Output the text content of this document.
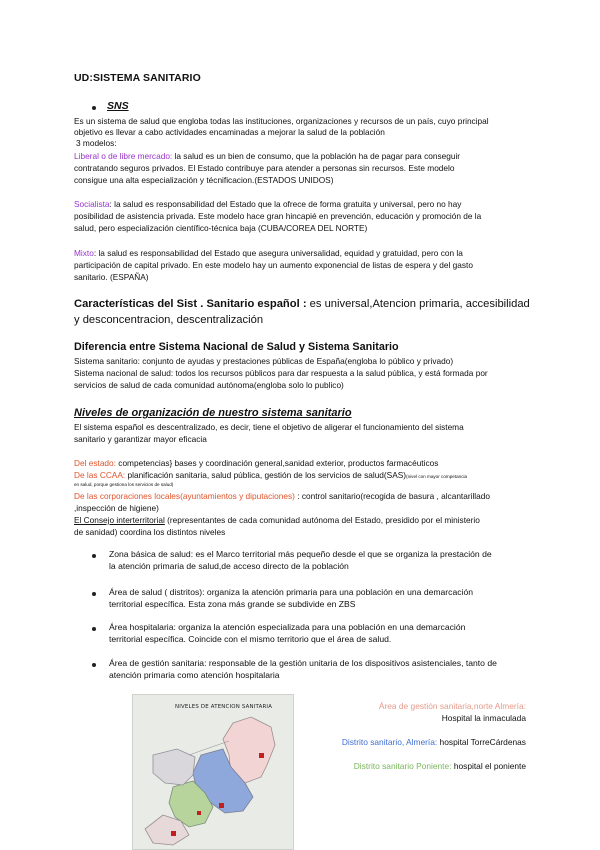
UD:SISTEMA SANITARIO
SNS
Es un sistema de salud que engloba todas las instituciones, organizaciones y recursos de un país, cuyo principal
objetivo es llevar a cabo actividades encaminadas a mejorar la salud de la población
3 modelos:
Liberal o de libre mercado: la salud es un bien de consumo, que la población ha de pagar para conseguir
contratando seguros privados. El Estado contribuye para atender a personas sin recursos. Este modelo
consigue una alta especialización y técnificacion.(ESTADOS UNIDOS)
Socialista: la salud es responsabilidad del Estado que la ofrece de forma gratuita y universal, pero no hay
posibilidad de asistencia privada. Este modelo hace gran hincapié en prevención, educación y promoción de la
salud, pero especialización científico-técnica baja (CUBA/COREA DEL NORTE)
Mixto: la salud es responsabilidad del Estado que asegura universalidad, equidad y gratuidad, pero con la
participación de capital privado. En este modelo hay un aumento exponencial de listas de espera y del gasto
sanitario. (ESPAÑA)
Características del Sist . Sanitario español : es universal,Atencion primaria, accesibilidad
y desconcentracion, descentralización
Diferencia entre Sistema Nacional de Salud y Sistema Sanitario
Sistema sanitario: conjunto de ayudas y prestaciones públicas de España(engloba lo público y privado)
Sistema nacional de salud: todos los recursos públicos para dar respuesta a la salud pública, y está formada por
servicios de salud de cada comunidad autónoma(engloba solo lo publico)
Niveles de organización de nuestro sistema sanitario
El sistema español es descentralizado, es decir, tiene el objetivo de aligerar el funcionamiento del sistema
sanitario y garantizar mayor eficacia
Del estado: competencias} bases y coordinación general,sanidad exterior, productos farmacéuticos
De las CCAA: planificación sanitaria, salud pública, gestión de los servicios de salud(SAS)(nivel con mayor competancia
en salud, porque gestiona los servicios de salud)
De las corporaciones locales(ayuntamientos y diputaciones) : control sanitario(recogida de basura , alcantarillado
,inspección de higiene)
El Consejo interterritorial (representantes de cada comunidad autónoma del Estado, presidido por el ministerio
de sanidad) coordina los distintos niveles
Zona básica de salud: es el Marco territorial más pequeño desde el que se organiza la prestación de
la atención primaria de salud,de acceso directo de la población
Área de salud ( distritos): organiza la atención primaria para una población en una demarcación
territorial específica. Esta zona más grande se subdivide en ZBS
Área hospitalaria: organiza la atención especializada para una población en una demarcación
territorial específica. Coincide con el mismo territorio que el área de salud.
Área de gestión sanitaria: responsable de la gestión unitaria de los dispositivos asistenciales, tanto de
atención primaria como atención hospitalaria
NIVELES DE ATENCION SANITARIA	Área de gestión sanitaria,norte Almería:
Hospital la inmaculada
Distrito sanitario, Almería: hospital TorreCárdenas
Distrito sanitario Poniente: hospital el poniente
